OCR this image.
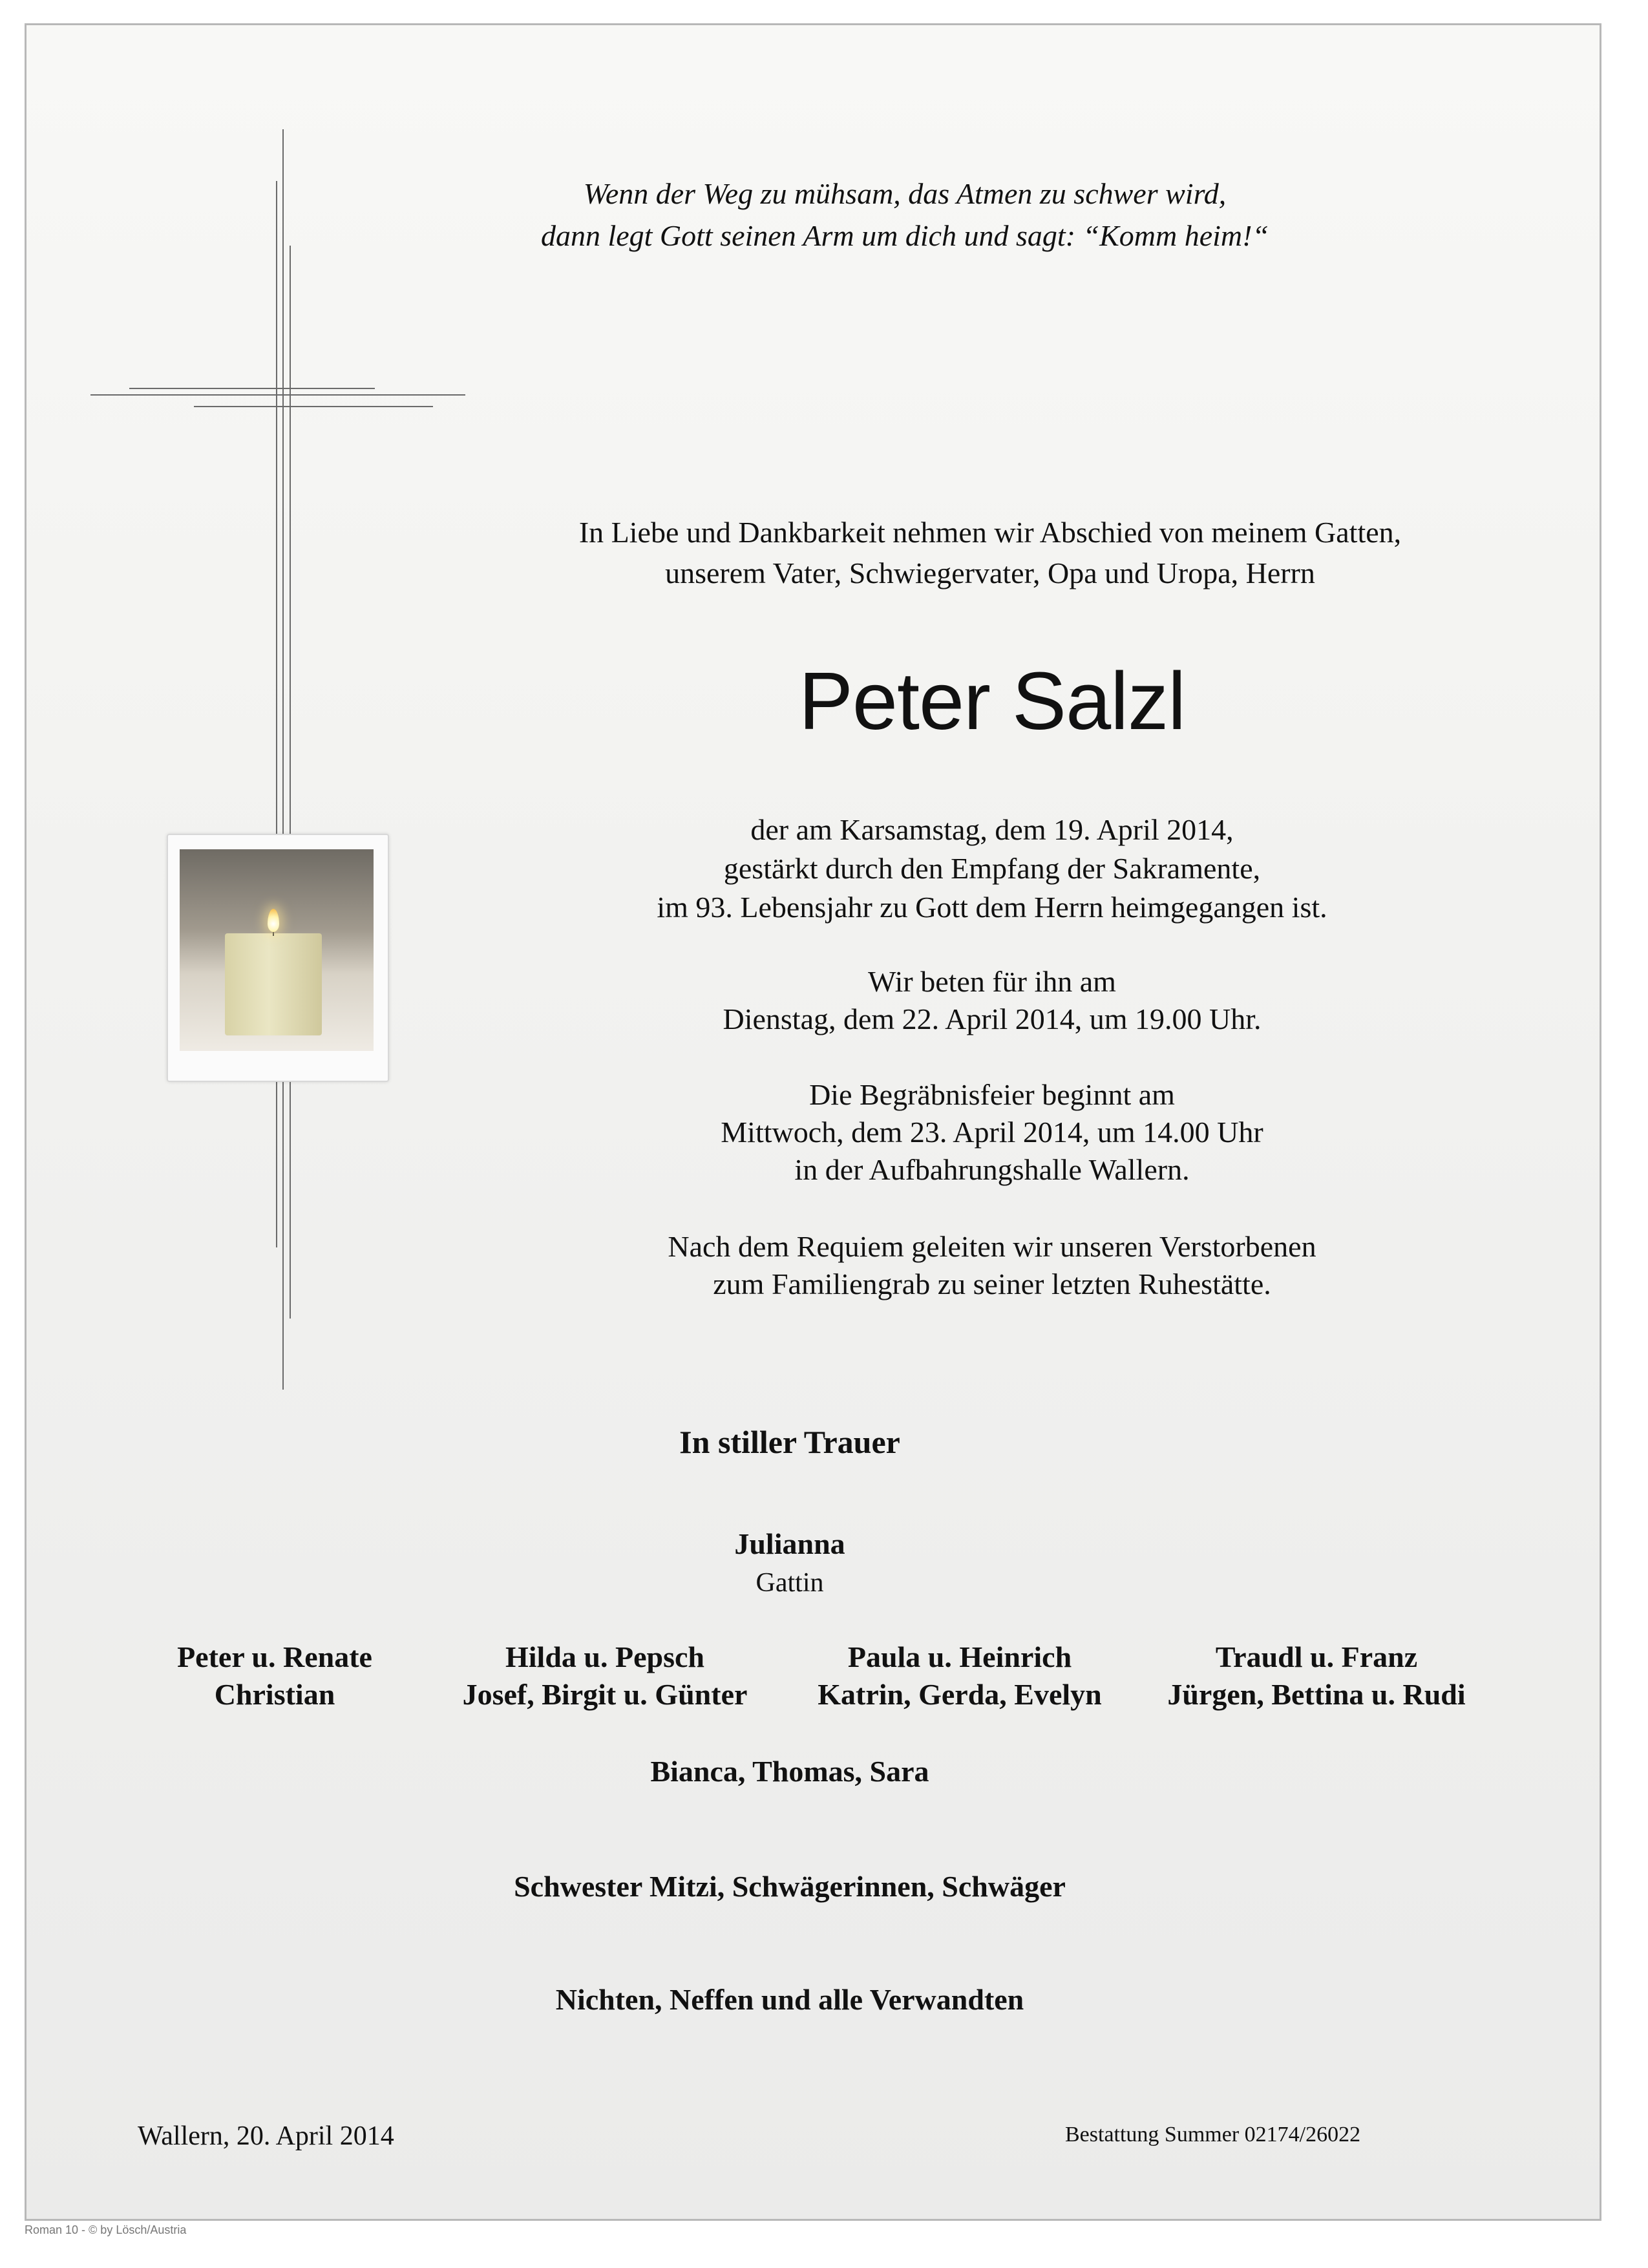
Wenn der Weg zu mühsam, das Atmen zu schwer wird,
dann legt Gott seinen Arm um dich und sagt: “Komm heim!“
In Liebe und Dankbarkeit nehmen wir Abschied von meinem Gatten,
unserem Vater, Schwiegervater, Opa und Uropa, Herrn
Peter Salzl
der am Karsamstag, dem 19. April 2014,
gestärkt durch den Empfang der Sakramente,
im 93. Lebensjahr zu Gott dem Herrn heimgegangen ist.
Wir beten für ihn am
Dienstag, dem 22. April 2014, um 19.00 Uhr.
Die Begräbnisfeier beginnt am
Mittwoch, dem 23. April 2014, um 14.00 Uhr
in der Aufbahrungshalle Wallern.
Nach dem Requiem geleiten wir unseren Verstorbenen
zum Familiengrab zu seiner letzten Ruhestätte.
In stiller Trauer
Julianna
Gattin
Peter u. Renate
Christian
Hilda u. Pepsch
Josef, Birgit u. Günter
Paula u. Heinrich
Katrin, Gerda, Evelyn
Traudl u. Franz
Jürgen, Bettina u. Rudi
Bianca, Thomas, Sara
Schwester Mitzi, Schwägerinnen, Schwäger
Nichten, Neffen und alle Verwandten
Wallern, 20. April 2014	Bestattung Summer 02174/26022
Roman 10 - © by Lösch/Austria
